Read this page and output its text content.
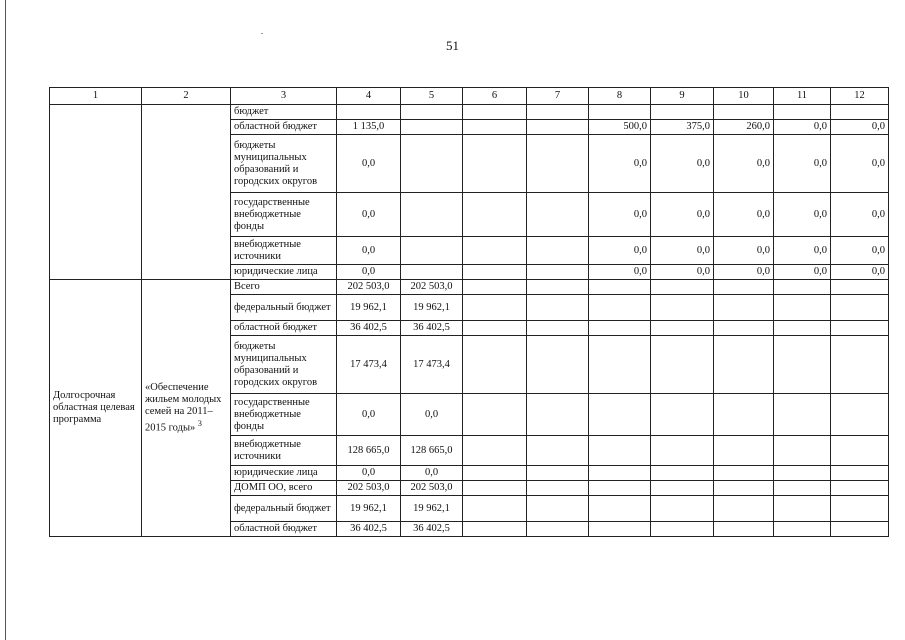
51
1	2	3	4	5	6	7	8	9	10	11	12
		бюджет									
		областной бюджет	1 135,0				500,0	375,0	260,0	0,0	0,0
		бюджеты муниципальных образований и городских округов	0,0				0,0	0,0	0,0	0,0	0,0
		государственные внебюджетные фонды	0,0				0,0	0,0	0,0	0,0	0,0
		внебюджетные источники	0,0				0,0	0,0	0,0	0,0	0,0
		юридические лица	0,0				0,0	0,0	0,0	0,0	0,0
Долгосрочная областная целевая программа	«Обеспечение жильем молодых семей на 2011–2015 годы» $^3$	Всего	202 503,0	202 503,0							
		федеральный бюджет	19 962,1	19 962,1							
		областной бюджет	36 402,5	36 402,5							
		бюджеты муниципальных образований и городских округов	17 473,4	17 473,4							
		государственные внебюджетные фонды	0,0	0,0							
		внебюджетные источники	128 665,0	128 665,0							
		юридические лица	0,0	0,0							
		ДОМП ОО, всего	202 503,0	202 503,0							
		федеральный бюджет	19 962,1	19 962,1							
		областной бюджет	36 402,5	36 402,5							
